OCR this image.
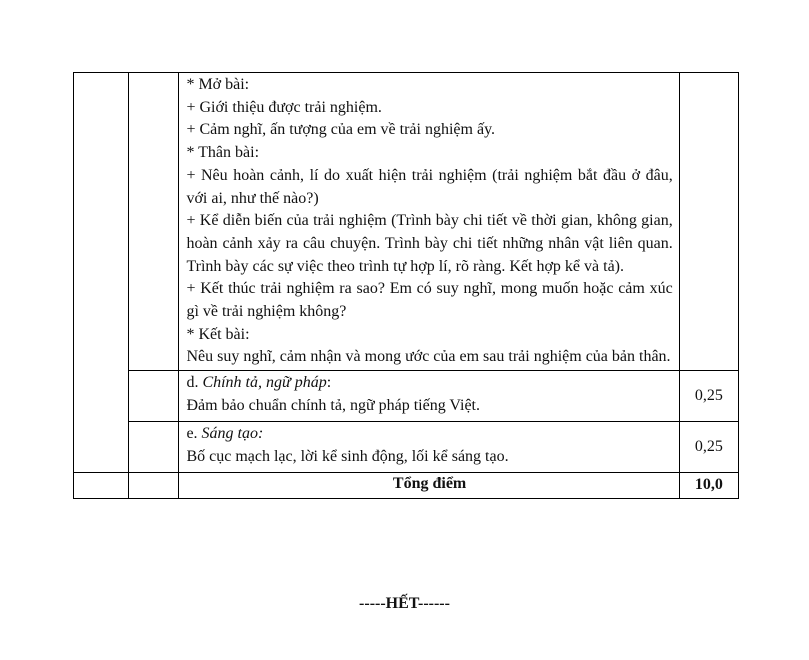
* Mở bài:
+ Giới thiệu được trải nghiệm.
+ Cảm nghĩ, ấn tượng của em về trải nghiệm ấy.
* Thân bài:
+ Nêu hoàn cảnh, lí do xuất hiện trải nghiệm (trải nghiệm bắt đầu ở đâu, với ai, như thế nào?)
+ Kể diễn biến của trải nghiệm (Trình bày chi tiết về thời gian, không gian, hoàn cảnh xảy ra câu chuyện. Trình bày chi tiết những nhân vật liên quan. Trình bày các sự việc theo trình tự hợp lí, rõ ràng. Kết hợp kể và tả).
+ Kết thúc trải nghiệm ra sao? Em có suy nghĩ, mong muốn hoặc cảm xúc gì về trải nghiệm không?
* Kết bài:
Nêu suy nghĩ, cảm nhận và mong ước của em sau trải nghiệm của bản thân.

		d. Chính tả, ngữ pháp:
Đảm bảo chuẩn chính tả, ngữ pháp tiếng Việt.	0,25

		e. Sáng tạo:
Bố cục mạch lạc, lời kể sinh động, lối kể sáng tạo.	0,25
		Tổng điểm	10,0
-----HẾT------
